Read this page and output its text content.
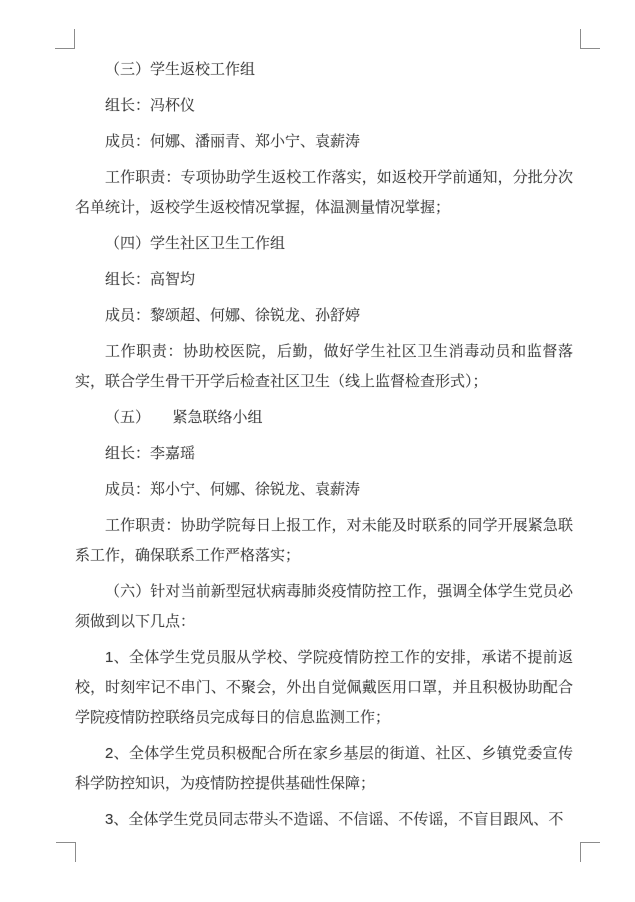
（三）学生返校工作组

组长：冯杯仪

成员：何娜、潘丽青、郑小宁、袁薪涛

工作职责：专项协助学生返校工作落实，如返校开学前通知，分批分次名单统计，返校学生返校情况掌握，体温测量情况掌握；

（四）学生社区卫生工作组

组长：高智均

成员：黎颂超、何娜、徐锐龙、孙舒婷

工作职责：协助校医院，后勤，做好学生社区卫生消毒动员和监督落实，联合学生骨干开学后检查社区卫生（线上监督检查形式）；

（五）　　紧急联络小组

组长：李嘉瑶

成员：郑小宁、何娜、徐锐龙、袁薪涛

工作职责：协助学院每日上报工作，对未能及时联系的同学开展紧急联系工作，确保联系工作严格落实；

（六）针对当前新型冠状病毒肺炎疫情防控工作，强调全体学生党员必须做到以下几点：

1、全体学生党员服从学校、学院疫情防控工作的安排，承诺不提前返校，时刻牢记不串门、不聚会，外出自觉佩戴医用口罩，并且积极协助配合学院疫情防控联络员完成每日的信息监测工作；

2、全体学生党员积极配合所在家乡基层的街道、社区、乡镇党委宣传科学防控知识，为疫情防控提供基础性保障；

3、全体学生党员同志带头不造谣、不信谣、不传谣，不盲目跟风、不
